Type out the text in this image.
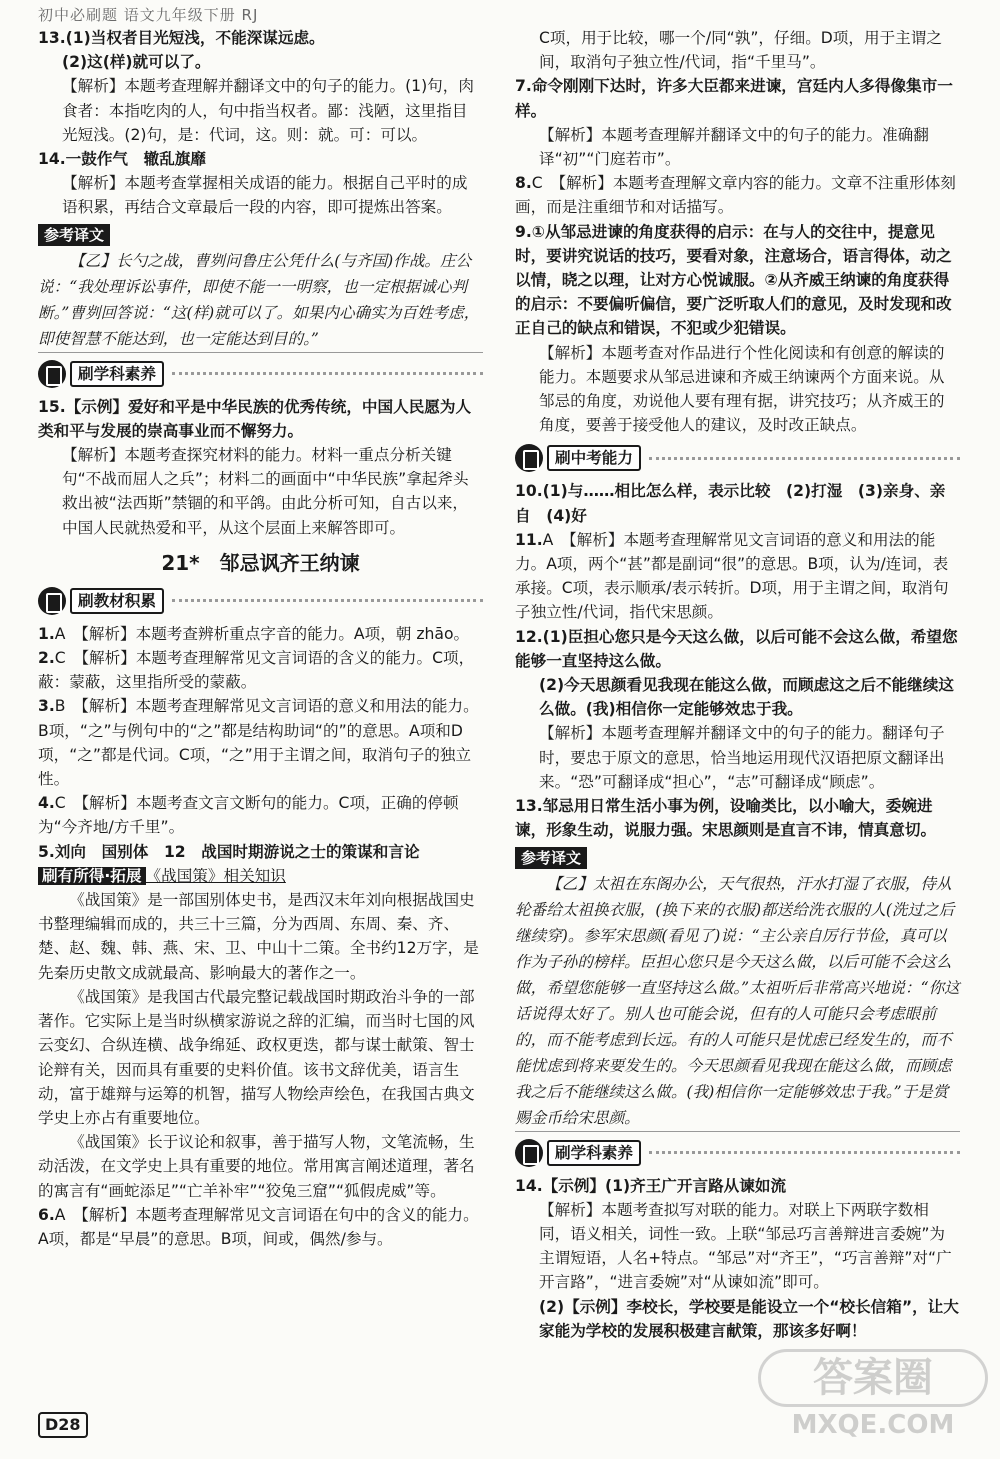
初中必刷题 语文九年级下册 RJ
13.(1)当权者目光短浅，不能深谋远虑。
(2)这(样)就可以了。
【解析】本题考查理解并翻译文中的句子的能力。(1)句，肉食者：本指吃肉的人，句中指当权者。鄙：浅陋，这里指目光短浅。(2)句，是：代词，这。则：就。可：可以。
14.一鼓作气　辙乱旗靡
【解析】本题考查掌握相关成语的能力。根据自己平时的成语积累，再结合文章最后一段的内容，即可提炼出答案。
参考译文
【乙】长勺之战，曹刿问鲁庄公凭什么(与齐国)作战。庄公说：“我处理诉讼事件，即使不能一一明察，也一定根据诚心判断。”曹刿回答说：“这(样)就可以了。如果内心确实为百姓考虑，即使智慧不能达到，也一定能达到目的。”
刷学科素养
15.【示例】爱好和平是中华民族的优秀传统，中国人民愿为人类和平与发展的崇高事业而不懈努力。
【解析】本题考查探究材料的能力。材料一重点分析关键句“不战而屈人之兵”；材料二的画面中“中华民族”拿起斧头救出被“法西斯”禁锢的和平鸽。由此分析可知，自古以来，中国人民就热爱和平，从这个层面上来解答即可。
21*　邹忌讽齐王纳谏
刷教材积累
1.A　【解析】本题考查辨析重点字音的能力。A项，朝 zhāo。
2.C　【解析】本题考查理解常见文言词语的含义的能力。C项，蔽：蒙蔽，这里指所受的蒙蔽。
3.B　【解析】本题考查理解常见文言词语的意义和用法的能力。B项，“之”与例句中的“之”都是结构助词“的”的意思。A项和D项，“之”都是代词。C项，“之”用于主谓之间，取消句子的独立性。
4.C　【解析】本题考查文言文断句的能力。C项，正确的停顿为“今齐地/方千里”。
5.刘向　国别体　12　战国时期游说之士的策谋和言论
刷有所得·拓展 《战国策》相关知识
《战国策》是一部国别体史书，是西汉末年刘向根据战国史书整理编辑而成的，共三十三篇，分为西周、东周、秦、齐、楚、赵、魏、韩、燕、宋、卫、中山十二策。全书约12万字，是先秦历史散文成就最高、影响最大的著作之一。
《战国策》是我国古代最完整记载战国时期政治斗争的一部著作。它实际上是当时纵横家游说之辞的汇编，而当时七国的风云变幻、合纵连横、战争绵延、政权更迭，都与谋士献策、智士论辩有关，因而具有重要的史料价值。该书文辞优美，语言生动，富于雄辩与运筹的机智，描写人物绘声绘色，在我国古典文学史上亦占有重要地位。
《战国策》长于议论和叙事，善于描写人物，文笔流畅，生动活泼，在文学史上具有重要的地位。常用寓言阐述道理，著名的寓言有“画蛇添足”“亡羊补牢”“狡兔三窟”“狐假虎威”等。
6.A　【解析】本题考查理解常见文言词语在句中的含义的能力。A项，都是“早晨”的意思。B项，间或，偶然/参与。
C项，用于比较，哪一个/同“孰”，仔细。D项，用于主谓之间，取消句子独立性/代词，指“千里马”。
7.命令刚刚下达时，许多大臣都来进谏，宫廷内人多得像集市一样。
【解析】本题考查理解并翻译文中的句子的能力。准确翻译“初”“门庭若市”。
8.C　【解析】本题考查理解文章内容的能力。文章不注重形体刻画，而是注重细节和对话描写。
9.①从邹忌进谏的角度获得的启示：在与人的交往中，提意见时，要讲究说话的技巧，要看对象，注意场合，语言得体，动之以情，晓之以理，让对方心悦诚服。②从齐威王纳谏的角度获得的启示：不要偏听偏信，要广泛听取人们的意见，及时发现和改正自己的缺点和错误，不犯或少犯错误。
【解析】本题考查对作品进行个性化阅读和有创意的解读的能力。本题要求从邹忌进谏和齐威王纳谏两个方面来说。从邹忌的角度，劝说他人要有理有据，讲究技巧；从齐威王的角度，要善于接受他人的建议，及时改正缺点。
刷中考能力
10.(1)与……相比怎么样，表示比较　(2)打湿　(3)亲身、亲自　(4)好
11.A　【解析】本题考查理解常见文言词语的意义和用法的能力。A项，两个“甚”都是副词“很”的意思。B项，认为/连词，表承接。C项，表示顺承/表示转折。D项，用于主谓之间，取消句子独立性/代词，指代宋思颜。
12.(1)臣担心您只是今天这么做，以后可能不会这么做，希望您能够一直坚持这么做。
(2)今天思颜看见我现在能这么做，而顾虑这之后不能继续这么做。(我)相信你一定能够效忠于我。
【解析】本题考查理解并翻译文中的句子的能力。翻译句子时，要忠于原文的意思，恰当地运用现代汉语把原文翻译出来。“恐”可翻译成“担心”，“志”可翻译成“顾虑”。
13.邹忌用日常生活小事为例，设喻类比，以小喻大，委婉进谏，形象生动，说服力强。宋思颜则是直言不讳，情真意切。
参考译文
【乙】太祖在东阁办公，天气很热，汗水打湿了衣服，侍从轮番给太祖换衣服，(换下来的衣服)都送给洗衣服的人(洗过之后继续穿)。参军宋思颜(看见了)说：“主公亲自厉行节俭，真可以作为子孙的榜样。臣担心您只是今天这么做，以后可能不会这么做，希望您能够一直坚持这么做。”太祖听后非常高兴地说：“你这话说得太好了。别人也可能会说，但有的人可能只会考虑眼前的，而不能考虑到长远。有的人可能只是忧虑已经发生的，而不能忧虑到将来要发生的。今天思颜看见我现在能这么做，而顾虑我之后不能继续这么做。(我)相信你一定能够效忠于我。”于是赏赐金币给宋思颜。
刷学科素养
14.【示例】(1)齐王广开言路从谏如流
【解析】本题考查拟写对联的能力。对联上下两联字数相同，语义相关，词性一致。上联“邹忌巧言善辩进言委婉”为主谓短语，人名+特点。“邹忌”对“齐王”，“巧言善辩”对“广开言路”，“进言委婉”对“从谏如流”即可。
(2)【示例】李校长，学校要是能设立一个“校长信箱”，让大家能为学校的发展积极建言献策，那该多好啊！
D28
答案圈
MXQE.COM
